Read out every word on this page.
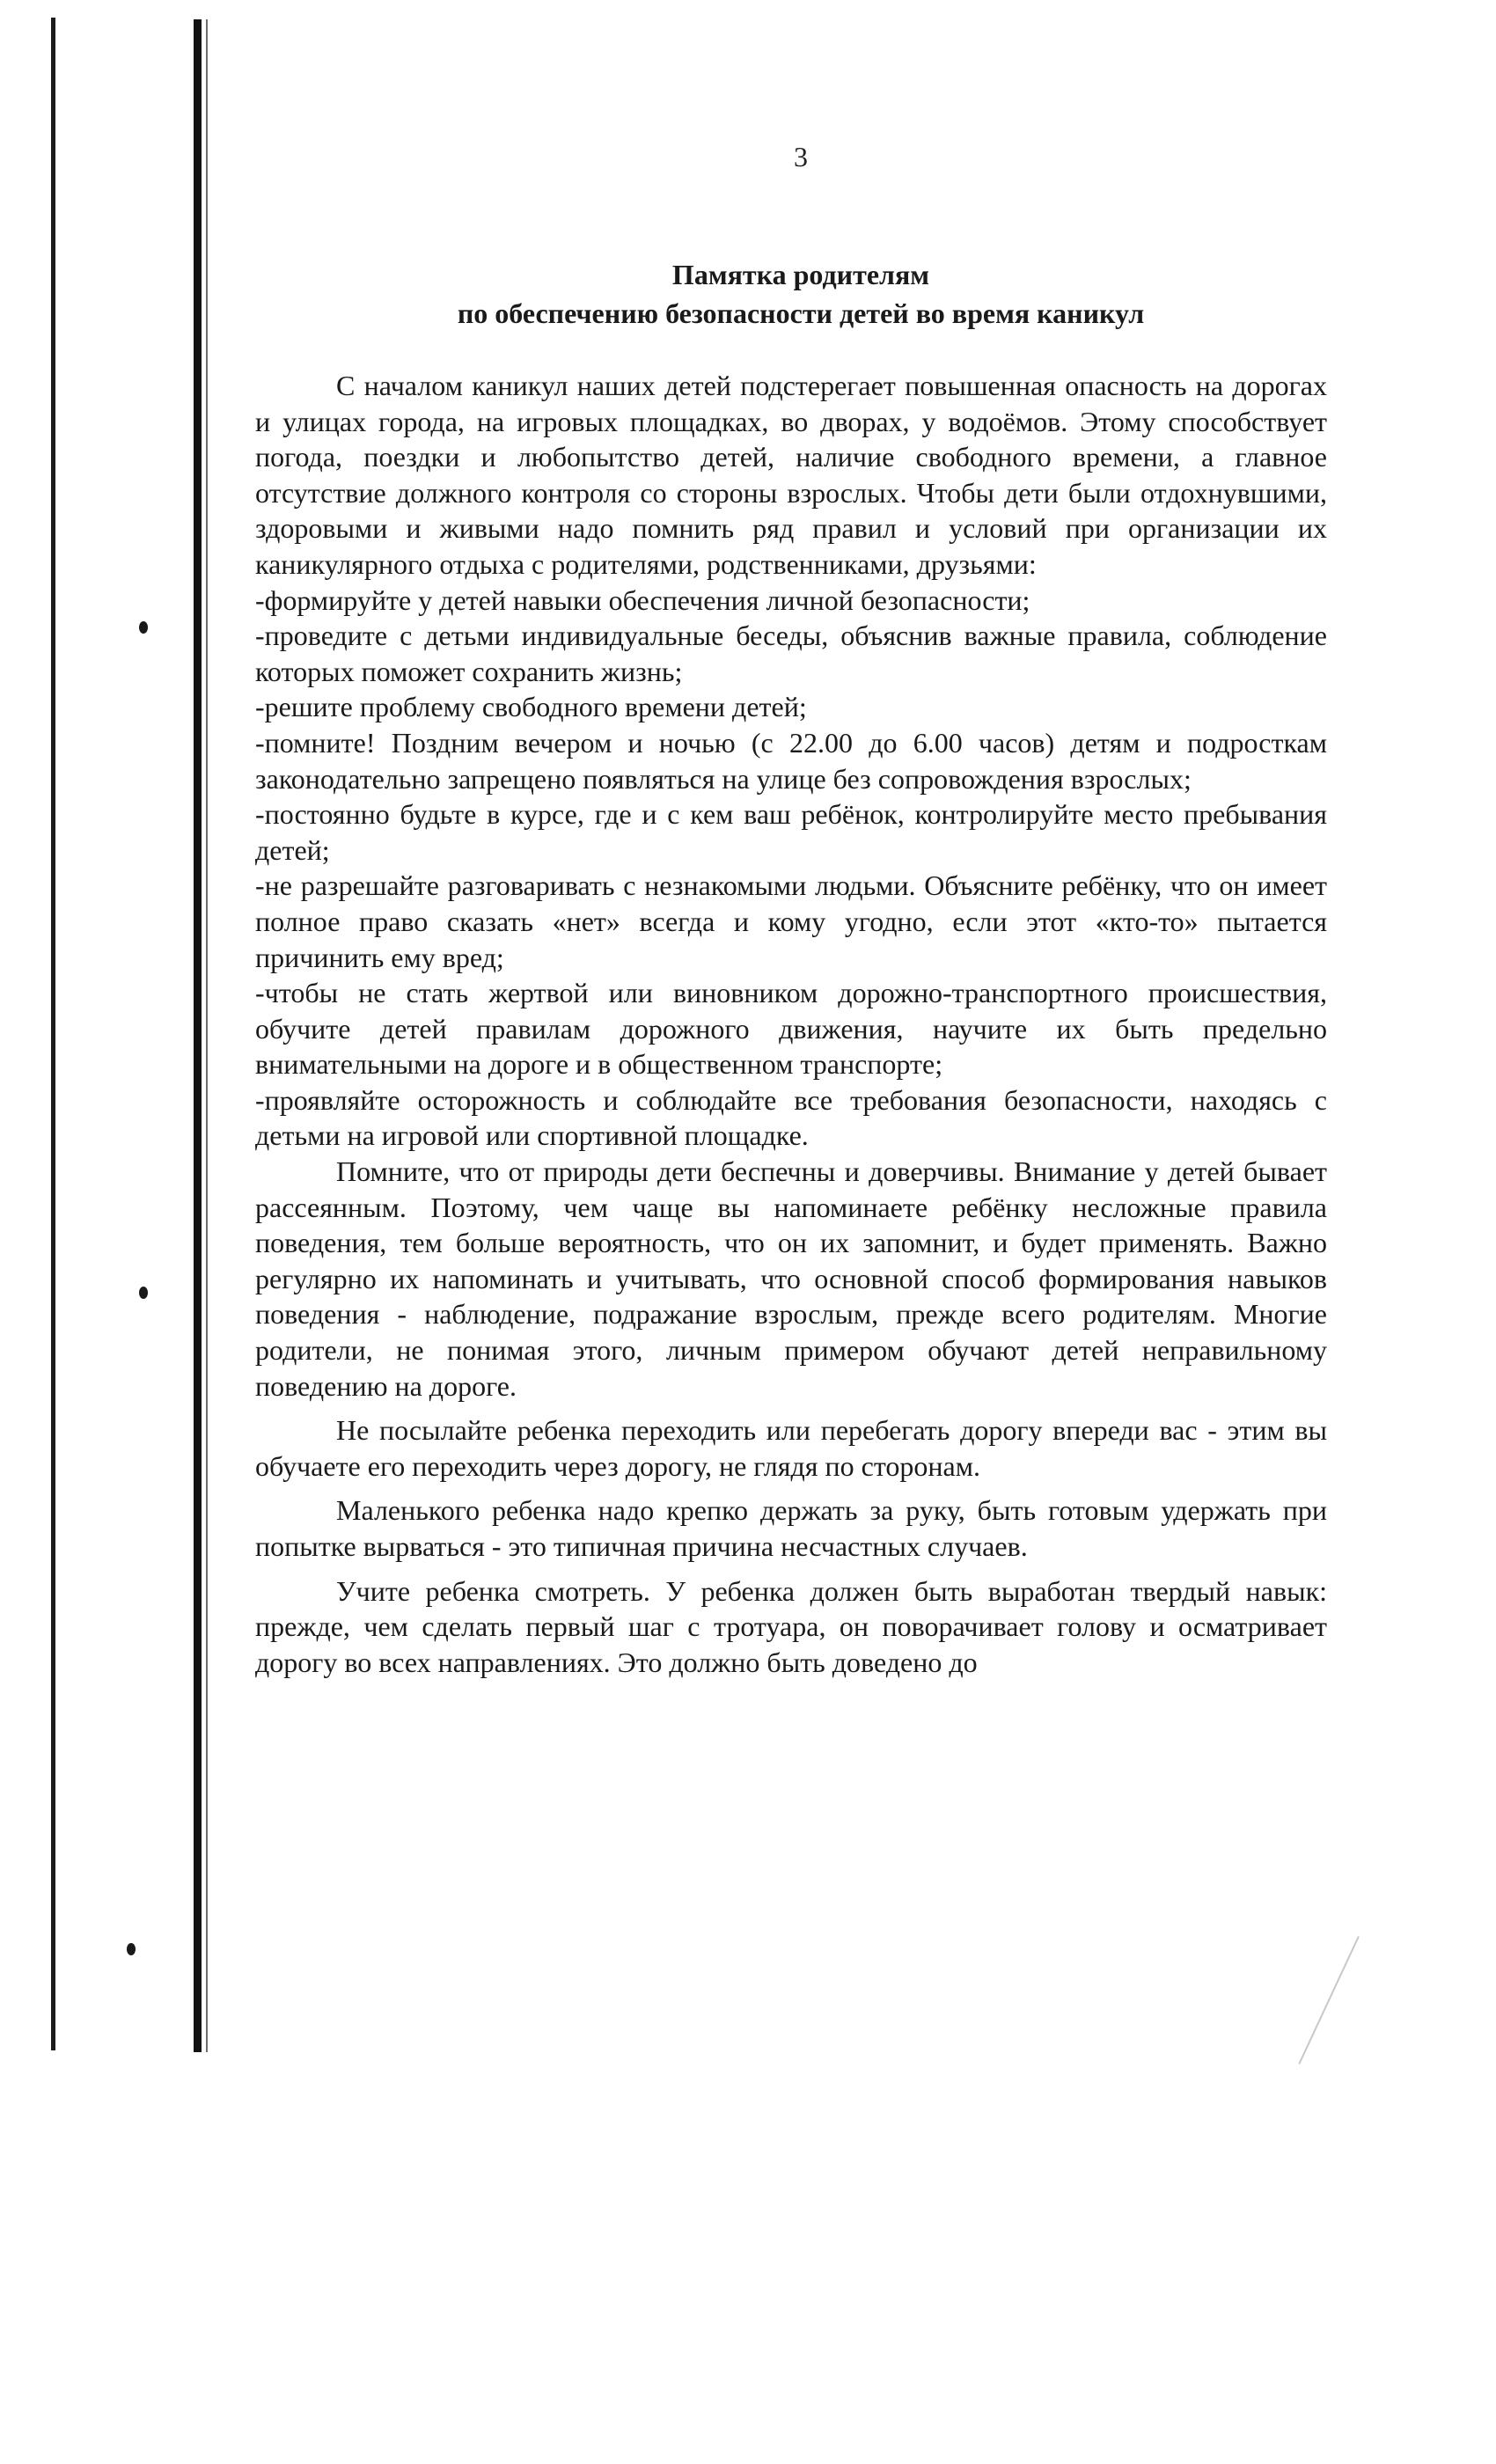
3
Памятка родителям
по обеспечению безопасности детей во время каникул

С началом каникул наших детей подстерегает повышенная опасность на дорогах и улицах города, на игровых площадках, во дворах, у водоёмов. Этому способствует погода, поездки и любопытство детей, наличие свободного времени, а главное отсутствие должного контроля со стороны взрослых. Чтобы дети были отдохнувшими, здоровыми и живыми надо помнить ряд правил и условий при организации их каникулярного отдыха с родителями, родственниками, друзьями:

-формируйте у детей навыки обеспечения личной безопасности;

-проведите с детьми индивидуальные беседы, объяснив важные правила, соблюдение которых поможет сохранить жизнь;

-решите проблему свободного времени детей;

-помните! Поздним вечером и ночью (с 22.00 до 6.00 часов) детям и подросткам законодательно запрещено появляться на улице без сопровождения взрослых;

-постоянно будьте в курсе, где и с кем ваш ребёнок, контролируйте место пребывания детей;

-не разрешайте разговаривать с незнакомыми людьми. Объясните ребёнку, что он имеет полное право сказать «нет» всегда и кому угодно, если этот «кто-то» пытается причинить ему вред;

-чтобы не стать жертвой или виновником дорожно-транспортного происшествия, обучите детей правилам дорожного движения, научите их быть предельно внимательными на дороге и в общественном транспорте;

-проявляйте осторожность и соблюдайте все требования безопасности, находясь с детьми на игровой или спортивной площадке.

Помните, что от природы дети беспечны и доверчивы. Внимание у детей бывает рассеянным. Поэтому, чем чаще вы напоминаете ребёнку несложные правила поведения, тем больше вероятность, что он их запомнит, и будет применять. Важно регулярно их напоминать и учитывать, что основной способ формирования навыков поведения - наблюдение, подражание взрослым, прежде всего родителям. Многие родители, не понимая этого, личным примером обучают детей неправильному поведению на дороге.

Не посылайте ребенка переходить или перебегать дорогу впереди вас - этим вы обучаете его переходить через дорогу, не глядя по сторонам.

Маленького ребенка надо крепко держать за руку, быть готовым удержать при попытке вырваться - это типичная причина несчастных случаев.

Учите ребенка смотреть. У ребенка должен быть выработан твердый навык: прежде, чем сделать первый шаг с тротуара, он поворачивает голову и осматривает дорогу во всех направлениях. Это должно быть доведено до
